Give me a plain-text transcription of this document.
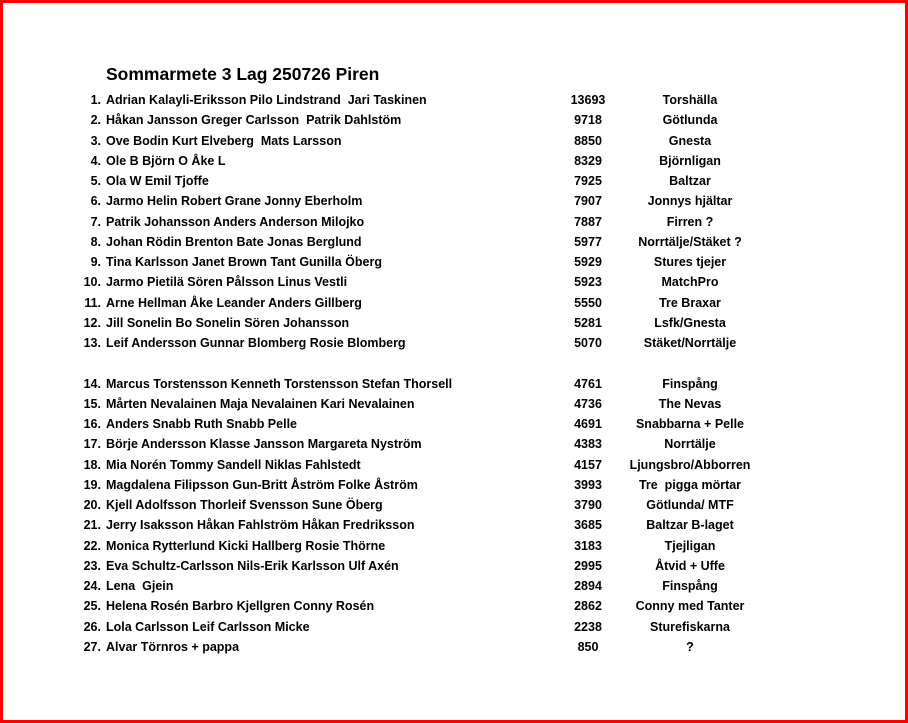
Sommarmete 3 Lag 250726 Piren
1. Adrian Kalayli-Eriksson Pilo Lindstrand  Jari Taskinen	13693	Torshälla
2. Håkan Jansson Greger Carlsson  Patrik Dahlstöm	9718	Götlunda
3. Ove Bodin Kurt Elveberg  Mats Larsson	8850	Gnesta
4. Ole B Björn O Åke L	8329	Björnligan
5. Ola W Emil Tjoffe	7925	Baltzar
6. Jarmo Helin Robert Grane Jonny Eberholm	7907	Jonnys hjältar
7. Patrik Johansson Anders Anderson Milojko	7887	Firren ?
8. Johan Rödin Brenton Bate Jonas Berglund	5977	Norrtälje/Stäket ?
9. Tina Karlsson Janet Brown Tant Gunilla Öberg	5929	Stures tjejer
10. Jarmo Pietilä Sören Pålsson Linus Vestli	5923	MatchPro
11. Arne Hellman Åke Leander Anders Gillberg	5550	Tre Braxar
12. Jill Sonelin Bo Sonelin Sören Johansson	5281	Lsfk/Gnesta
13. Leif Andersson Gunnar Blomberg Rosie Blomberg	5070	Stäket/Norrtälje
14. Marcus Torstensson Kenneth Torstensson Stefan Thorsell	4761	Finspång
15. Mårten Nevalainen Maja Nevalainen Kari Nevalainen	4736	The Nevas
16. Anders Snabb Ruth Snabb Pelle	4691	Snabbarna + Pelle
17. Börje Andersson Klasse Jansson Margareta Nyström	4383	Norrtälje
18. Mia Norén Tommy Sandell Niklas Fahlstedt	4157	Ljungsbro/Abborren
19. Magdalena Filipsson Gun-Britt Åström Folke Åström	3993	Tre  pigga mörtar
20. Kjell Adolfsson Thorleif Svensson Sune Öberg	3790	Götlunda/ MTF
21. Jerry Isaksson Håkan Fahlström Håkan Fredriksson	3685	Baltzar B-laget
22. Monica Rytterlund Kicki Hallberg Rosie Thörne	3183	Tjejligan
23. Eva Schultz-Carlsson Nils-Erik Karlsson Ulf Axén	2995	Åtvid + Uffe
24. Lena  Gjein	2894	Finspång
25. Helena Rosén Barbro Kjellgren Conny Rosén	2862	Conny med Tanter
26. Lola Carlsson Leif Carlsson Micke	2238	Sturefiskarna
27. Alvar Törnros + pappa	850	?
